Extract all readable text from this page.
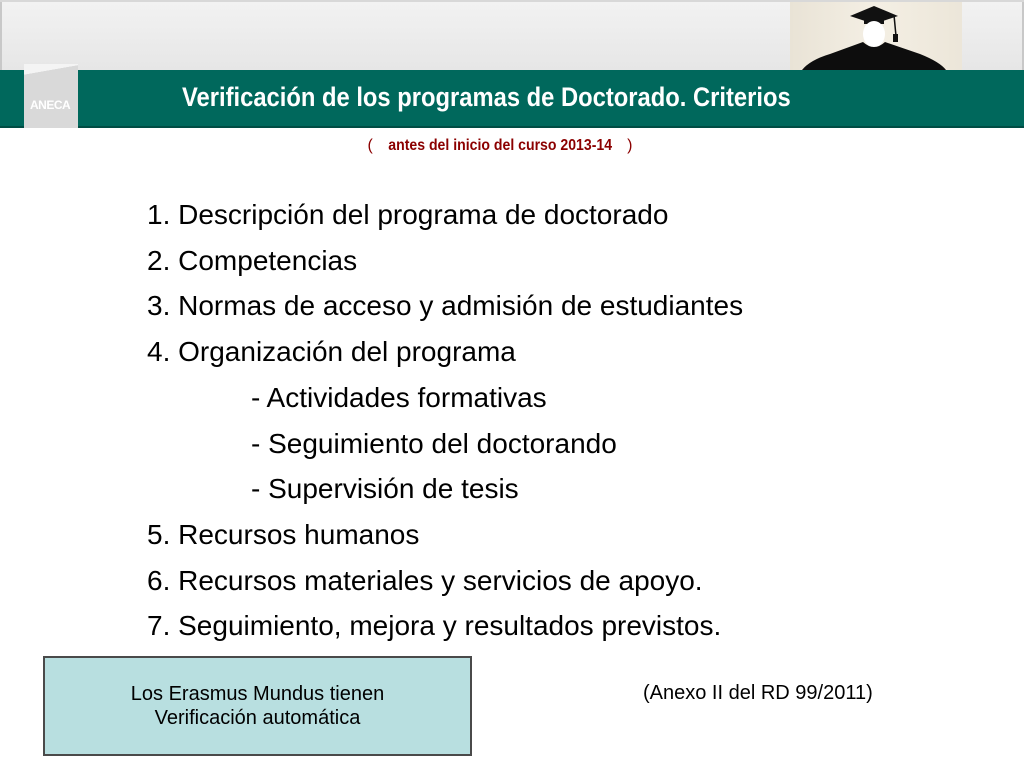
ANECA	Verificación de los programas de Doctorado. Criterios
( antes del inicio del curso 2013-14 )
1. Descripción del programa de doctorado
2. Competencias
3. Normas de acceso y admisión de estudiantes
4. Organización del programa
- Actividades formativas
- Seguimiento del doctorando
- Supervisión de tesis
5. Recursos humanos
6. Recursos materiales y servicios de apoyo.
7. Seguimiento, mejora y resultados previstos.
Los Erasmus Mundus tienen
Verificación automática
(Anexo II del RD 99/2011)
